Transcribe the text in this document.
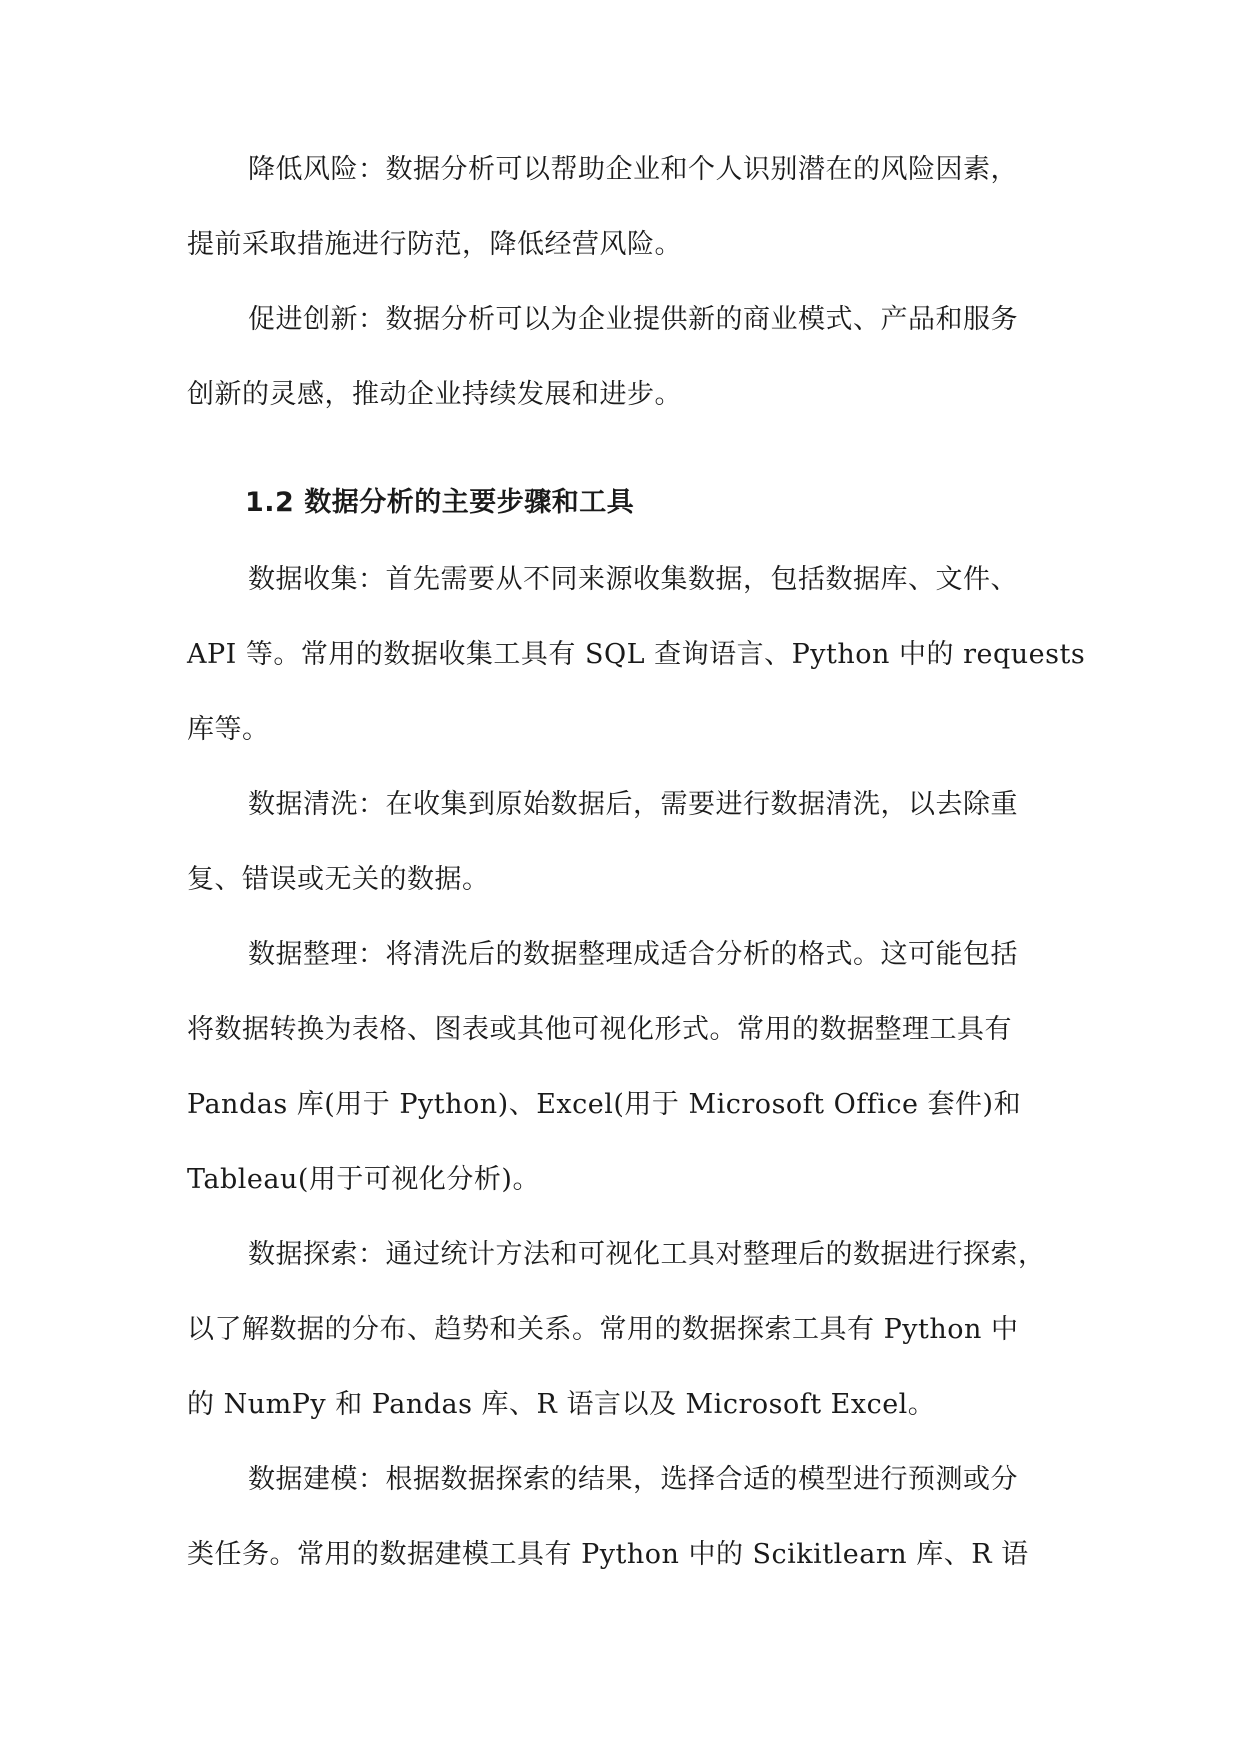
降低风险：数据分析可以帮助企业和个人识别潜在的风险因素，
提前采取措施进行防范，降低经营风险。
促进创新：数据分析可以为企业提供新的商业模式、产品和服务
创新的灵感，推动企业持续发展和进步。
1.2 数据分析的主要步骤和工具
数据收集：首先需要从不同来源收集数据，包括数据库、文件、
API 等。常用的数据收集工具有 SQL 查询语言、Python 中的 requests
库等。
数据清洗：在收集到原始数据后，需要进行数据清洗，以去除重
复、错误或无关的数据。
数据整理：将清洗后的数据整理成适合分析的格式。这可能包括
将数据转换为表格、图表或其他可视化形式。常用的数据整理工具有
Pandas 库(用于 Python)、Excel(用于 Microsoft Office 套件)和
Tableau(用于可视化分析)。
数据探索：通过统计方法和可视化工具对整理后的数据进行探索，
以了解数据的分布、趋势和关系。常用的数据探索工具有 Python 中
的 NumPy 和 Pandas 库、R 语言以及 Microsoft Excel。
数据建模：根据数据探索的结果，选择合适的模型进行预测或分
类任务。常用的数据建模工具有 Python 中的 Scikitlearn 库、R 语
